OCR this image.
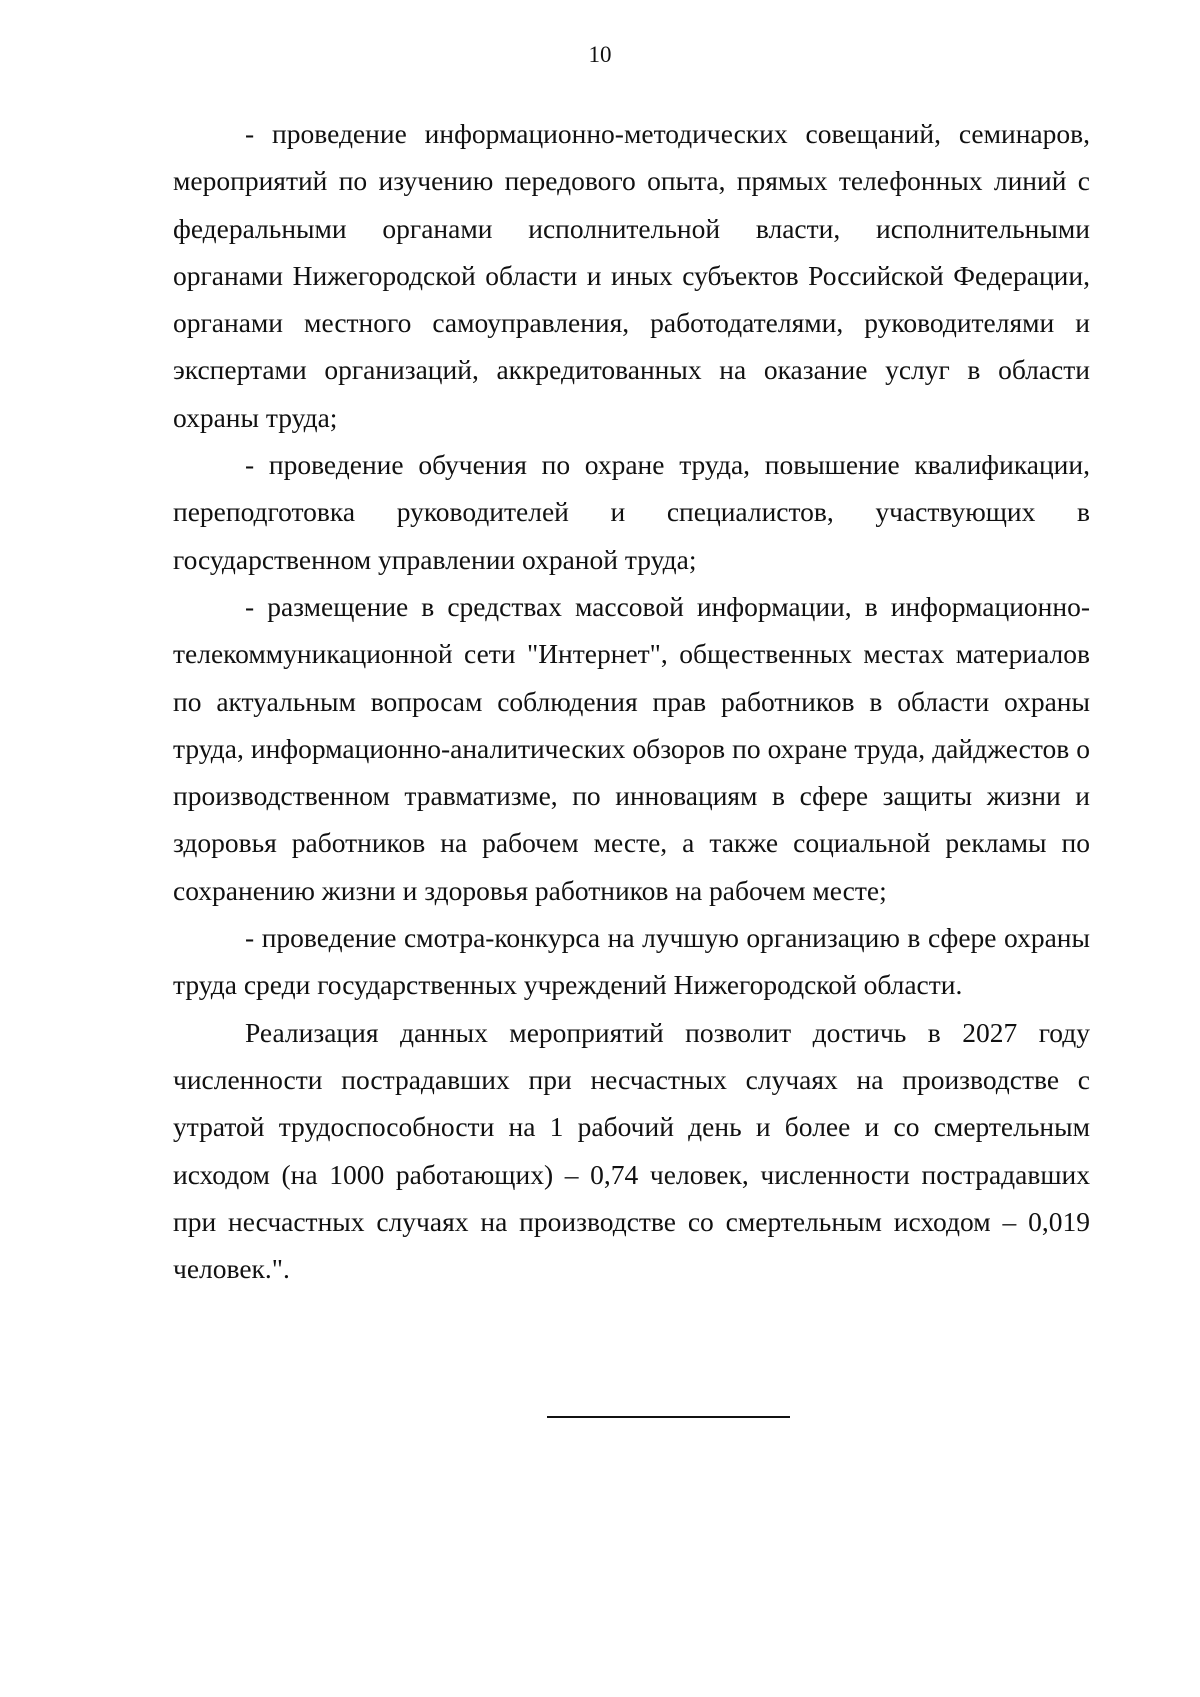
10

- проведение информационно-методических совещаний, семинаров, мероприятий по изучению передового опыта, прямых телефонных линий с федеральными органами исполнительной власти, исполнительными органами Нижегородской области и иных субъектов Российской Федерации, органами местного самоуправления, работодателями, руководителями и экспертами организаций, аккредитованных на оказание услуг в области охраны труда;

- проведение обучения по охране труда, повышение квалификации, переподготовка руководителей и специалистов, участвующих в государственном управлении охраной труда;

- размещение в средствах массовой информации, в информационно-телекоммуникационной сети "Интернет", общественных местах материалов по актуальным вопросам соблюдения прав работников в области охраны труда, информационно-аналитических обзоров по охране труда, дайджестов о производственном травматизме, по инновациям в сфере защиты жизни и здоровья работников на рабочем месте, а также социальной рекламы по сохранению жизни и здоровья работников на рабочем месте;

- проведение смотра-конкурса на лучшую организацию в сфере охраны труда среди государственных учреждений Нижегородской области.

Реализация данных мероприятий позволит достичь в 2027 году численности пострадавших при несчастных случаях на производстве с утратой трудоспособности на 1 рабочий день и более и со смертельным исходом (на 1000 работающих) – 0,74 человек, численности пострадавших при несчастных случаях на производстве со смертельным исходом – 0,019 человек.".
